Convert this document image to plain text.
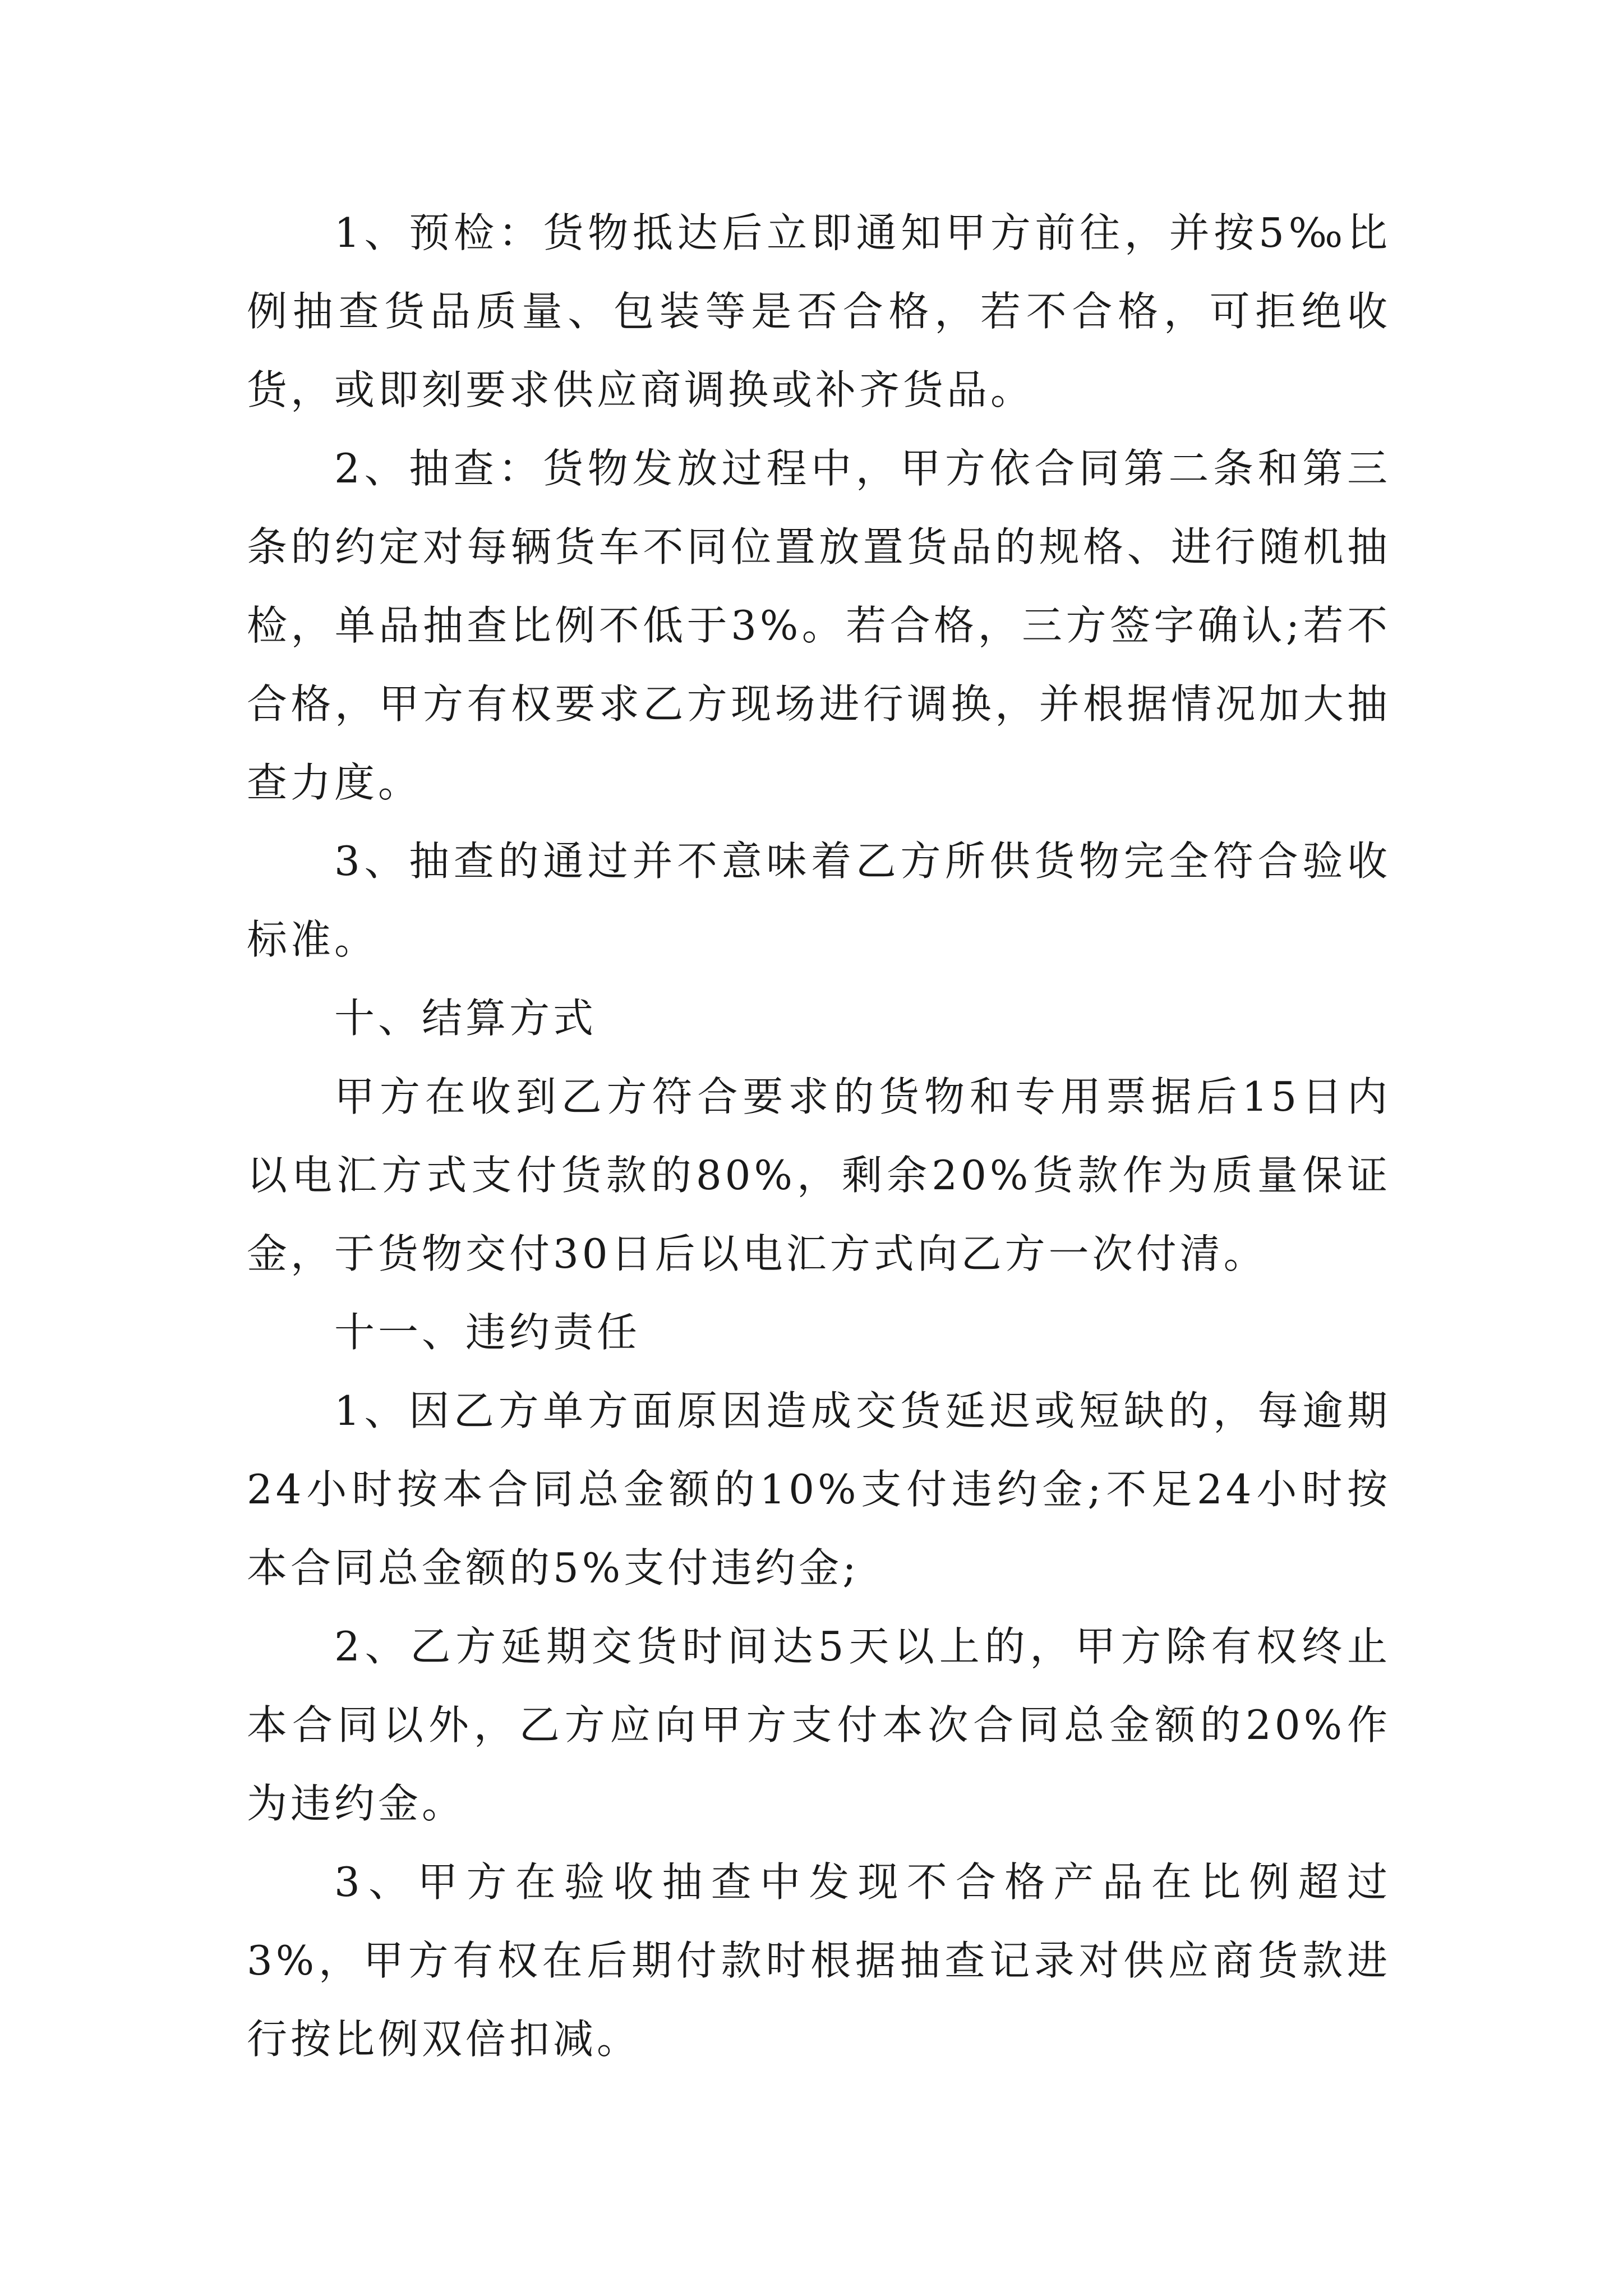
1、预检：货物抵达后立即通知甲方前往，并按5‰比例抽查货品质量、包装等是否合格，若不合格，可拒绝收货，或即刻要求供应商调换或补齐货品。

2、抽查：货物发放过程中，甲方依合同第二条和第三条的约定对每辆货车不同位置放置货品的规格、进行随机抽检，单品抽查比例不低于3%。若合格，三方签字确认;若不合格，甲方有权要求乙方现场进行调换，并根据情况加大抽查力度。

3、抽查的通过并不意味着乙方所供货物完全符合验收标准。

十、结算方式

甲方在收到乙方符合要求的货物和专用票据后15日内以电汇方式支付货款的80%，剩余20%货款作为质量保证金，于货物交付30日后以电汇方式向乙方一次付清。

十一、违约责任

1、因乙方单方面原因造成交货延迟或短缺的，每逾期24小时按本合同总金额的10%支付违约金;不足24小时按本合同总金额的5%支付违约金;

2、乙方延期交货时间达5天以上的，甲方除有权终止本合同以外，乙方应向甲方支付本次合同总金额的20%作为违约金。

3、甲方在验收抽查中发现不合格产品在比例超过3%，甲方有权在后期付款时根据抽查记录对供应商货款进行按比例双倍扣减。
